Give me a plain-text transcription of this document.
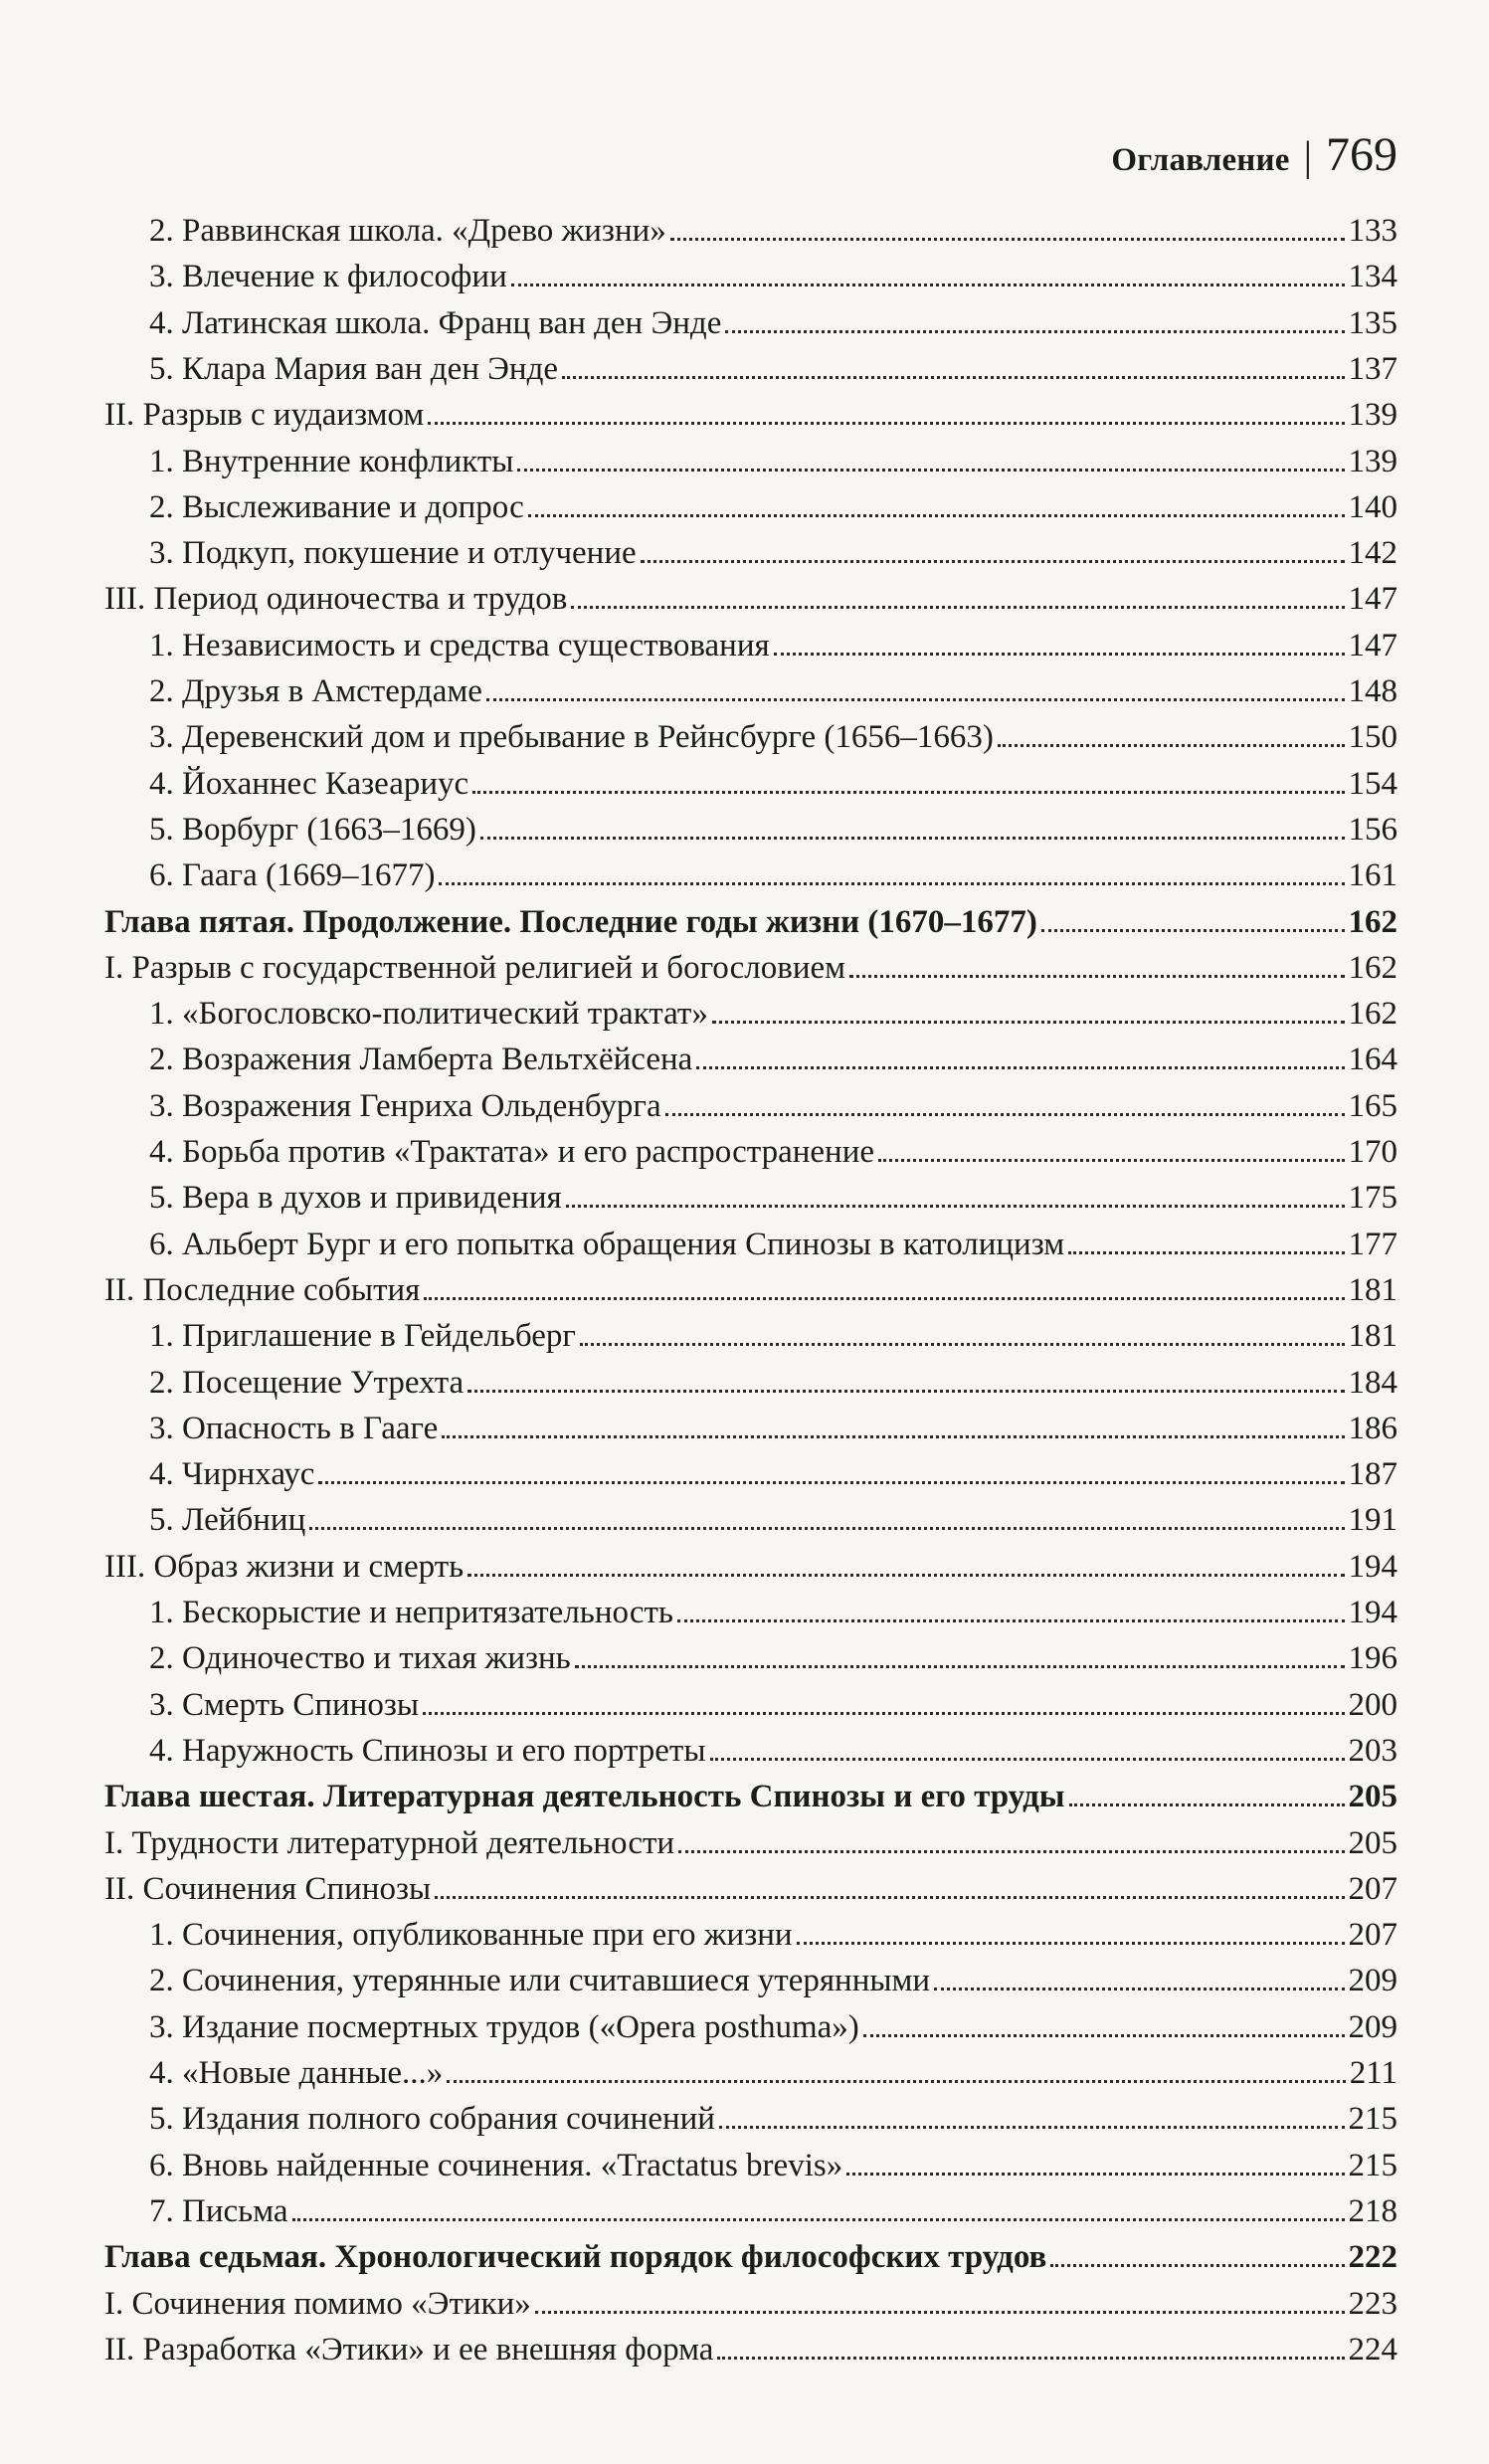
Оглавление | 769
2. Раввинская школа. «Древо жизни»	133
3. Влечение к философии	134
4. Латинская школа. Франц ван ден Энде	135
5. Клара Мария ван ден Энде	137
II. Разрыв с иудаизмом	139
1. Внутренние конфликты	139
2. Выслеживание и допрос	140
3. Подкуп, покушение и отлучение	142
III. Период одиночества и трудов	147
1. Независимость и средства существования	147
2. Друзья в Амстердаме	148
3. Деревенский дом и пребывание в Рейнсбурге (1656–1663)	150
4. Йоханнес Казеариус	154
5. Ворбург (1663–1669)	156
6. Гаага (1669–1677)	161
Глава пятая. Продолжение. Последние годы жизни (1670–1677)	162
I. Разрыв с государственной религией и богословием	162
1. «Богословско-политический трактат»	162
2. Возражения Ламберта Вельтхёйсена	164
3. Возражения Генриха Ольденбурга	165
4. Борьба против «Трактата» и его распространение	170
5. Вера в духов и привидения	175
6. Альберт Бург и его попытка обращения Спинозы в католицизм	177
II. Последние события	181
1. Приглашение в Гейдельберг	181
2. Посещение Утрехта	184
3. Опасность в Гааге	186
4. Чирнхаус	187
5. Лейбниц	191
III. Образ жизни и смерть	194
1. Бескорыстие и непритязательность	194
2. Одиночество и тихая жизнь	196
3. Смерть Спинозы	200
4. Наружность Спинозы и его портреты	203
Глава шестая. Литературная деятельность Спинозы и его труды	205
I. Трудности литературной деятельности	205
II. Сочинения Спинозы	207
1. Сочинения, опубликованные при его жизни	207
2. Сочинения, утерянные или считавшиеся утерянными	209
3. Издание посмертных трудов («Opera posthuma»)	209
4. «Новые данные...»	211
5. Издания полного собрания сочинений	215
6. Вновь найденные сочинения. «Tractatus brevis»	215
7. Письма	218
Глава седьмая. Хронологический порядок философских трудов	222
I. Сочинения помимо «Этики»	223
II. Разработка «Этики» и ее внешняя форма	224
